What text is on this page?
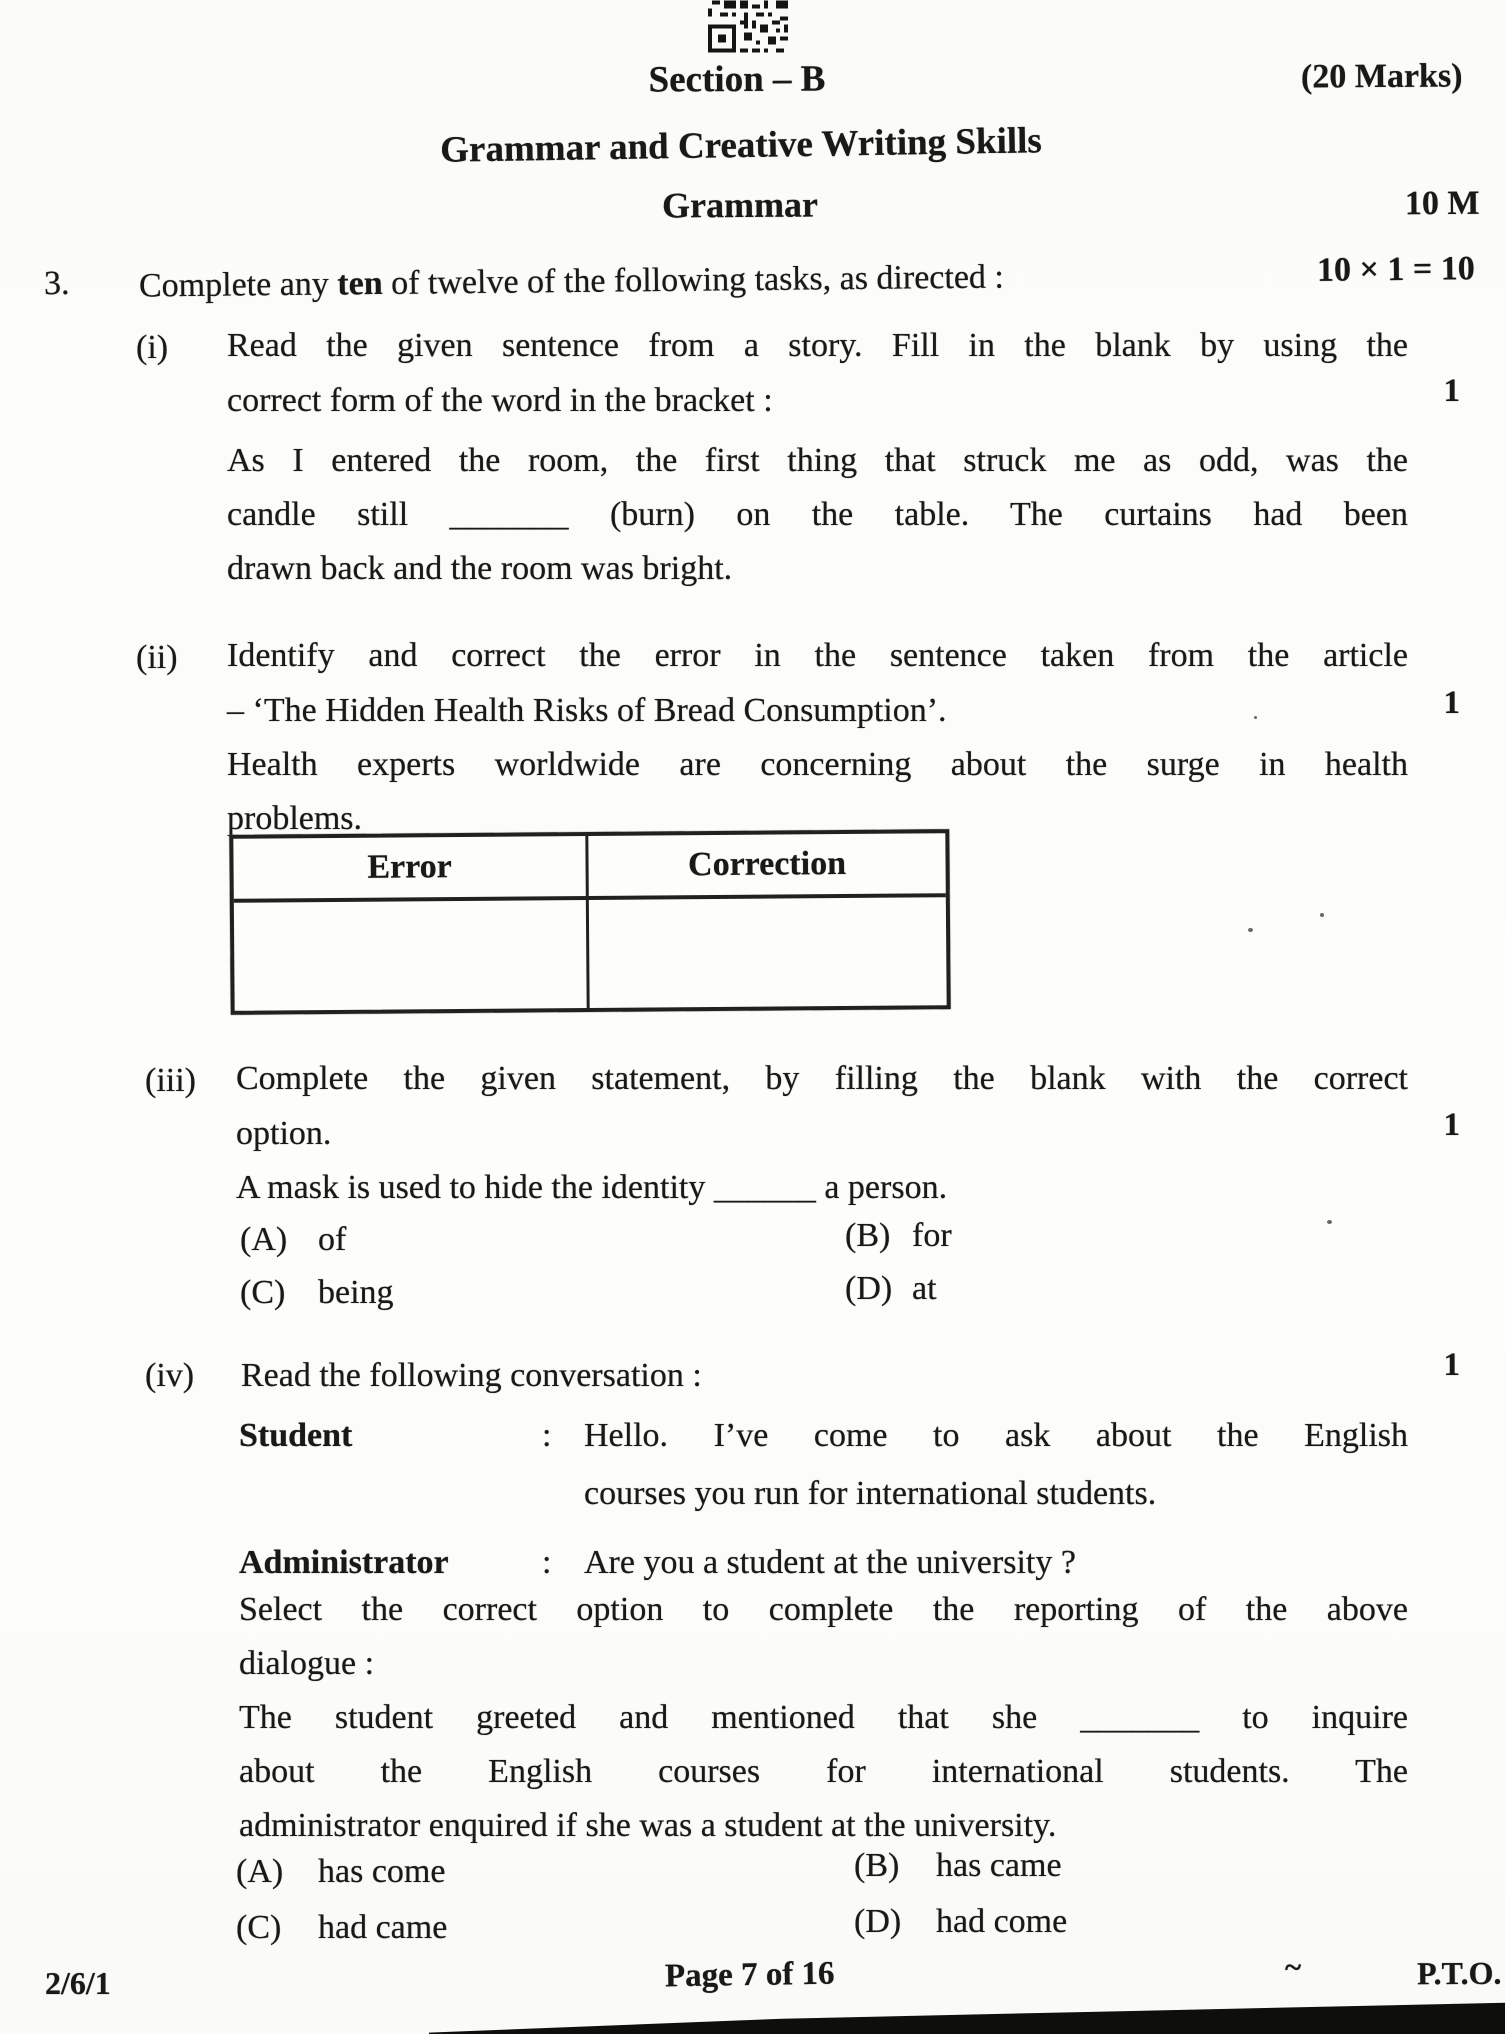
Section – B	(20 Marks)
Grammar and Creative Writing Skills
Grammar	10 M
3. Complete any ten of twelve of the following tasks, as directed :	10 × 1 = 10
(i) Read the given sentence from a story. Fill in the blank by using the
correct form of the word in the bracket :	1
As I entered the room, the first thing that struck me as odd, was the
candle still _______ (burn) on the table. The curtains had been
drawn back and the room was bright.
(ii) Identify and correct the error in the sentence taken from the article
– ‘The Hidden Health Risks of Bread Consumption’.	1
Health experts worldwide are concerning about the surge in health
problems.
Error	Correction
(iii) Complete the given statement, by filling the blank with the correct
option.	1
A mask is used to hide the identity ______ a person.
(A) of	(B) for
(C) being	(D) at
(iv) Read the following conversation :	1
Student	: Hello. I’ve come to ask about the English
courses you run for international students.
Administrator	: Are you a student at the university ?
Select the correct option to complete the reporting of the above
dialogue :
The student greeted and mentioned that she _______ to inquire
about the English courses for international students. The
administrator enquired if she was a student at the university.
(A) has come	(B) has came
(C) had came	(D) had come
2/6/1	Page 7 of 16	~	P.T.O.
